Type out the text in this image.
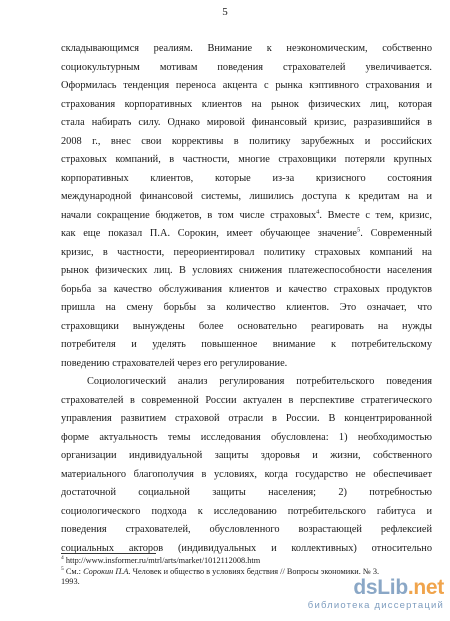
5
складывающимся реалиям. Внимание к неэкономическим, собственно
социокультурным мотивам поведения страхователей увеличивается.
Оформилась тенденция переноса акцента с рынка кэптивного страхования и
страхования корпоративных клиентов на рынок физических лиц, которая
стала набирать силу. Однако мировой финансовый кризис, разразившийся в
2008 г., внес свои коррективы в политику зарубежных и российских
страховых компаний, в частности, многие страховщики потеряли крупных
корпоративных клиентов, которые из-за кризисного состояния
международной финансовой системы, лишились доступа к кредитам на и
начали сокращение бюджетов, в том числе страховых$^4$. Вместе с тем, кризис,
как еще показал П.А. Сорокин, имеет обучающее значение$^5$. Современный
кризис, в частности, переориентировал политику страховых компаний на
рынок физических лиц. В условиях снижения платежеспособности населения
борьба за качество обслуживания клиентов и качество страховых продуктов
пришла на смену борьбы за количество клиентов. Это означает, что
страховщики вынуждены более основательно реагировать на нужды
потребителя и уделять повышенное внимание к потребительскому
поведению страхователей через его регулирование.
Социологический анализ регулирования потребительского поведения
страхователей в современной России актуален в перспективе стратегического
управления развитием страховой отрасли в России. В концентрированной
форме актуальность темы исследования обусловлена: 1) необходимостью
организации индивидуальной защиты здоровья и жизни, собственного
материального благополучия в условиях, когда государство не обеспечивает
достаточной социальной защиты населения; 2) потребностью
социологического подхода к исследованию потребительского габитуса и
поведения страхователей, обусловленного возрастающей рефлексией
социальных акторов (индивидуальных и коллективных) относительно
$^4$ http://www.insformer.ru/mtrl/arts/market/1012112008.htm
$^5$ См.: Сорокин П.А. Человек и общество в условиях бедствия // Вопросы экономики. № 3.
1993.	dsLib.net
библиотека диссертаций
